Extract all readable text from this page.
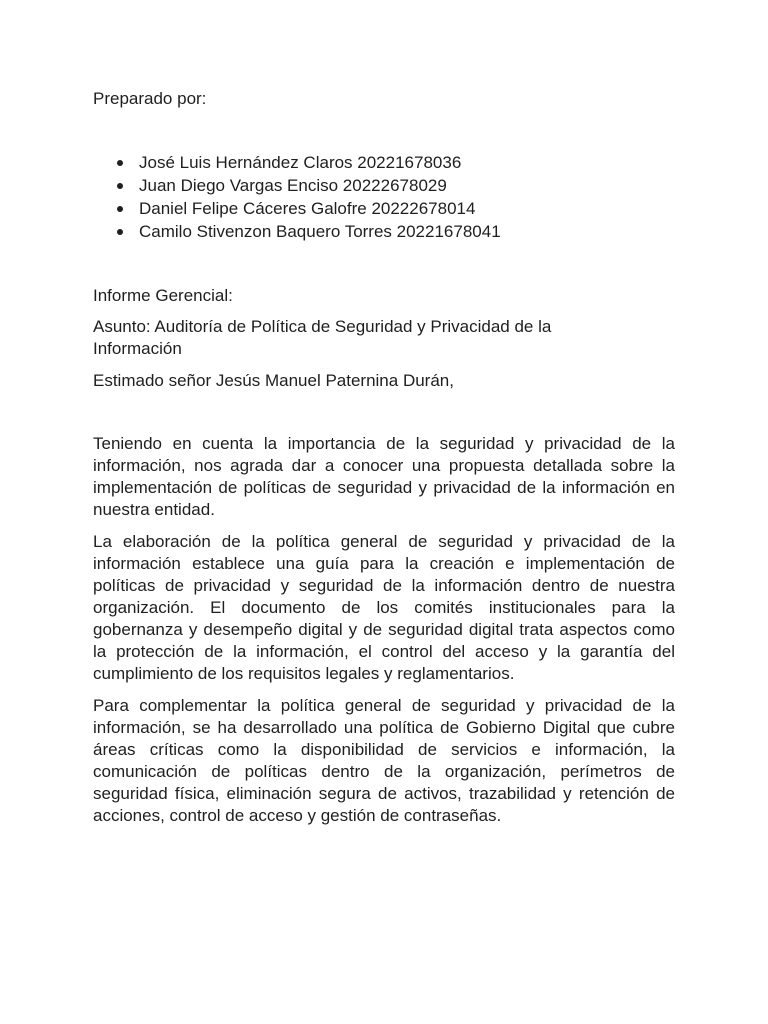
Preparado por:

José Luis Hernández Claros 20221678036
Juan Diego Vargas Enciso 20222678029
Daniel Felipe Cáceres Galofre 20222678014
Camilo Stivenzon Baquero Torres 20221678041

Informe Gerencial:

Asunto: Auditoría de Política de Seguridad y Privacidad de la Información

Estimado señor Jesús Manuel Paternina Durán,

Teniendo en cuenta la importancia de la seguridad y privacidad de la información, nos agrada dar a conocer una propuesta detallada sobre la implementación de políticas de seguridad y privacidad de la información en nuestra entidad.

La elaboración de la política general de seguridad y privacidad de la información establece una guía para la creación e implementación de políticas de privacidad y seguridad de la información dentro de nuestra organización. El documento de los comités institucionales para la gobernanza y desempeño digital y de seguridad digital trata aspectos como la protección de la información, el control del acceso y la garantía del cumplimiento de los requisitos legales y reglamentarios.

Para complementar la política general de seguridad y privacidad de la información, se ha desarrollado una política de Gobierno Digital que cubre áreas críticas como la disponibilidad de servicios e información, la comunicación de políticas dentro de la organización, perímetros de seguridad física, eliminación segura de activos, trazabilidad y retención de acciones, control de acceso y gestión de contraseñas.
